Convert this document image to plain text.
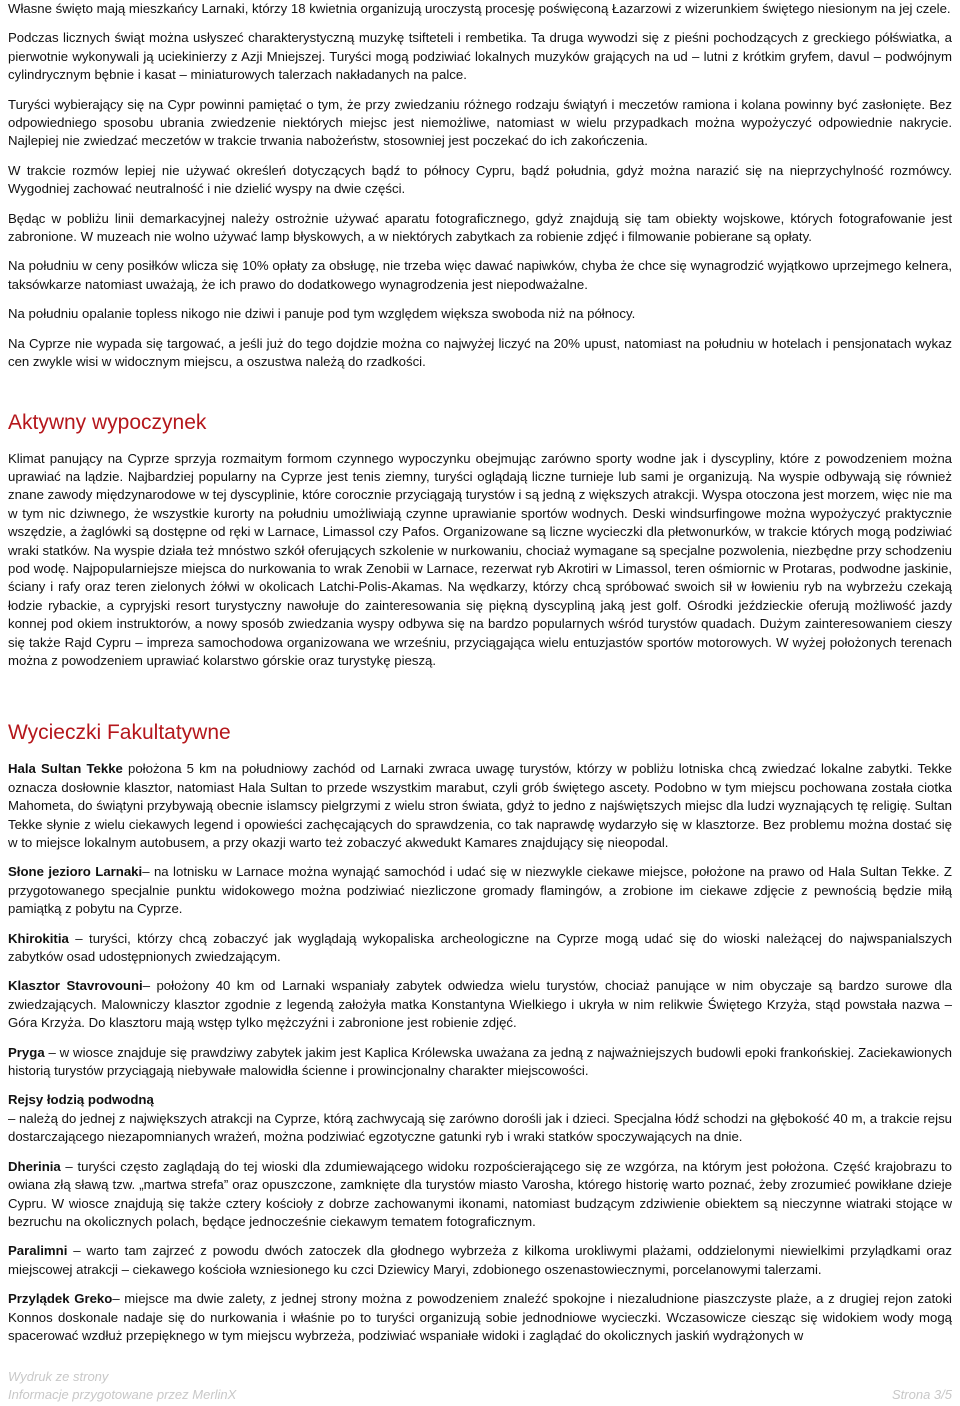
Własne święto mają mieszkańcy Larnaki, którzy 18 kwietnia organizują uroczystą procesję poświęconą Łazarzowi z wizerunkiem świętego niesionym na jej czele.

Podczas licznych świąt można usłyszeć charakterystyczną muzykę tsifteteli i rembetika. Ta druga wywodzi się z pieśni pochodzących z greckiego półświatka, a pierwotnie wykonywali ją uciekinierzy z Azji Mniejszej. Turyści mogą podziwiać lokalnych muzyków grających na ud – lutni z krótkim gryfem, davul – podwójnym cylindrycznym bębnie i kasat – miniaturowych talerzach nakładanych na palce.

Turyści wybierający się na Cypr powinni pamiętać o tym, że przy zwiedzaniu różnego rodzaju świątyń i meczetów ramiona i kolana powinny być zasłonięte. Bez odpowiedniego sposobu ubrania zwiedzenie niektórych miejsc jest niemożliwe, natomiast w wielu przypadkach można wypożyczyć odpowiednie nakrycie. Najlepiej nie zwiedzać meczetów w trakcie trwania nabożeństw, stosowniej jest poczekać do ich zakończenia.

W trakcie rozmów lepiej nie używać określeń dotyczących bądź to północy Cypru, bądź południa, gdyż można narazić się na nieprzychylność rozmówcy. Wygodniej zachować neutralność i nie dzielić wyspy na dwie części.

Będąc w pobliżu linii demarkacyjnej należy ostrożnie używać aparatu fotograficznego, gdyż znajdują się tam obiekty wojskowe, których fotografowanie jest zabronione. W muzeach nie wolno używać lamp błyskowych, a w niektórych zabytkach za robienie zdjęć i filmowanie pobierane są opłaty.

Na południu w ceny posiłków wlicza się 10% opłaty za obsługę, nie trzeba więc dawać napiwków, chyba że chce się wynagrodzić wyjątkowo uprzejmego kelnera, taksówkarze natomiast uważają, że ich prawo do dodatkowego wynagrodzenia jest niepodważalne.

Na południu opalanie topless nikogo nie dziwi i panuje pod tym względem większa swoboda niż na północy.

Na Cyprze nie wypada się targować, a jeśli już do tego dojdzie można co najwyżej liczyć na 20% upust, natomiast na południu w hotelach i pensjonatach wykaz cen zwykle wisi w widocznym miejscu, a oszustwa należą do rzadkości.

Aktywny wypoczynek

Klimat panujący na Cyprze sprzyja rozmaitym formom czynnego wypoczynku obejmując zarówno sporty wodne jak i dyscypliny, które z powodzeniem można uprawiać na lądzie. Najbardziej popularny na Cyprze jest tenis ziemny, turyści oglądają liczne turnieje lub sami je organizują. Na wyspie odbywają się również znane zawody międzynarodowe w tej dyscyplinie, które corocznie przyciągają turystów i są jedną z większych atrakcji. Wyspa otoczona jest morzem, więc nie ma w tym nic dziwnego, że wszystkie kurorty na południu umożliwiają czynne uprawianie sportów wodnych. Deski windsurfingowe można wypożyczyć praktycznie wszędzie, a żaglówki są dostępne od ręki w Larnace, Limassol czy Pafos. Organizowane są liczne wycieczki dla płetwonurków, w trakcie których mogą podziwiać wraki statków. Na wyspie działa też mnóstwo szkół oferujących szkolenie w nurkowaniu, chociaż wymagane są specjalne pozwolenia, niezbędne przy schodzeniu pod wodę. Najpopularniejsze miejsca do nurkowania to wrak Zenobii w Larnace, rezerwat ryb Akrotiri w Limassol, teren ośmiornic w Protaras, podwodne jaskinie, ściany i rafy oraz teren zielonych żółwi w okolicach Latchi-Polis-Akamas. Na wędkarzy, którzy chcą spróbować swoich sił w łowieniu ryb na wybrzeżu czekają łodzie rybackie, a cypryjski resort turystyczny nawołuje do zainteresowania się piękną dyscypliną jaką jest golf. Ośrodki jeździeckie oferują możliwość jazdy konnej pod okiem instruktorów, a nowy sposób zwiedzania wyspy odbywa się na bardzo popularnych wśród turystów quadach. Dużym zainteresowaniem cieszy się także Rajd Cypru – impreza samochodowa organizowana we wrześniu, przyciągająca wielu entuzjastów sportów motorowych. W wyżej położonych terenach można z powodzeniem uprawiać kolarstwo górskie oraz turystykę pieszą.

Wycieczki Fakultatywne

Hala Sultan Tekke położona 5 km na południowy zachód od Larnaki zwraca uwagę turystów, którzy w pobliżu lotniska chcą zwiedzać lokalne zabytki. Tekke oznacza dosłownie klasztor, natomiast Hala Sultan to przede wszystkim marabut, czyli grób świętego ascety. Podobno w tym miejscu pochowana została ciotka Mahometa, do świątyni przybywają obecnie islamscy pielgrzymi z wielu stron świata, gdyż to jedno z najświętszych miejsc dla ludzi wyznających tę religię. Sultan Tekke słynie z wielu ciekawych legend i opowieści zachęcających do sprawdzenia, co tak naprawdę wydarzyło się w klasztorze. Bez problemu można dostać się w to miejsce lokalnym autobusem, a przy okazji warto też zobaczyć akwedukt Kamares znajdujący się nieopodal.

Słone jezioro Larnaki– na lotnisku w Larnace można wynająć samochód i udać się w niezwykle ciekawe miejsce, położone na prawo od Hala Sultan Tekke. Z przygotowanego specjalnie punktu widokowego można podziwiać niezliczone gromady flamingów, a zrobione im ciekawe zdjęcie z pewnością będzie miłą pamiątką z pobytu na Cyprze.

Khirokitia – turyści, którzy chcą zobaczyć jak wyglądają wykopaliska archeologiczne na Cyprze mogą udać się do wioski należącej do najwspanialszych zabytków osad udostępnionych zwiedzającym.

Klasztor Stavrovouni– położony 40 km od Larnaki wspaniały zabytek odwiedza wielu turystów, chociaż panujące w nim obyczaje są bardzo surowe dla zwiedzających. Malowniczy klasztor zgodnie z legendą założyła matka Konstantyna Wielkiego i ukryła w nim relikwie Świętego Krzyża, stąd powstała nazwa – Góra Krzyża. Do klasztoru mają wstęp tylko mężczyźni i zabronione jest robienie zdjęć.

Pryga – w wiosce znajduje się prawdziwy zabytek jakim jest Kaplica Królewska uważana za jedną z najważniejszych budowli epoki frankońskiej. Zaciekawionych historią turystów przyciągają niebywałe malowidła ścienne i prowincjonalny charakter miejscowości.

Rejsy łodzią podwodną
– należą do jednej z największych atrakcji na Cyprze, którą zachwycają się zarówno dorośli jak i dzieci. Specjalna łódź schodzi na głębokość 40 m, a trakcie rejsu dostarczającego niezapomnianych wrażeń, można podziwiać egzotyczne gatunki ryb i wraki statków spoczywających na dnie.

Dherinia – turyści często zaglądają do tej wioski dla zdumiewającego widoku rozpościerającego się ze wzgórza, na którym jest położona. Część krajobrazu to owiana złą sławą tzw. „martwa strefa” oraz opuszczone, zamknięte dla turystów miasto Varosha, którego historię warto poznać, żeby zrozumieć powikłane dzieje Cypru. W wiosce znajdują się także cztery kościoły z dobrze zachowanymi ikonami, natomiast budzącym zdziwienie obiektem są nieczynne wiatraki stojące w bezruchu na okolicznych polach, będące jednocześnie ciekawym tematem fotograficznym.

Paralimni – warto tam zajrzeć z powodu dwóch zatoczek dla głodnego wybrzeża z kilkoma urokliwymi plażami, oddzielonymi niewielkimi przylądkami oraz miejscowej atrakcji – ciekawego kościoła wzniesionego ku czci Dziewicy Maryi, zdobionego oszenastowiecznymi, porcelanowymi talerzami.

Przylądek Greko– miejsce ma dwie zalety, z jednej strony można z powodzeniem znaleźć spokojne i niezaludnione piaszczyste plaże, a z drugiej rejon zatoki Konnos doskonale nadaje się do nurkowania i właśnie po to turyści organizują sobie jednodniowe wycieczki. Wczasowicze ciesząc się widokiem wody mogą spacerować wzdłuż przepięknego w tym miejscu wybrzeża, podziwiać wspaniałe widoki i zaglądać do okolicznych jaskiń wydrążonych w

Wydruk ze strony
Informacje przygotowane przez MerlinX	Strona 3/5
